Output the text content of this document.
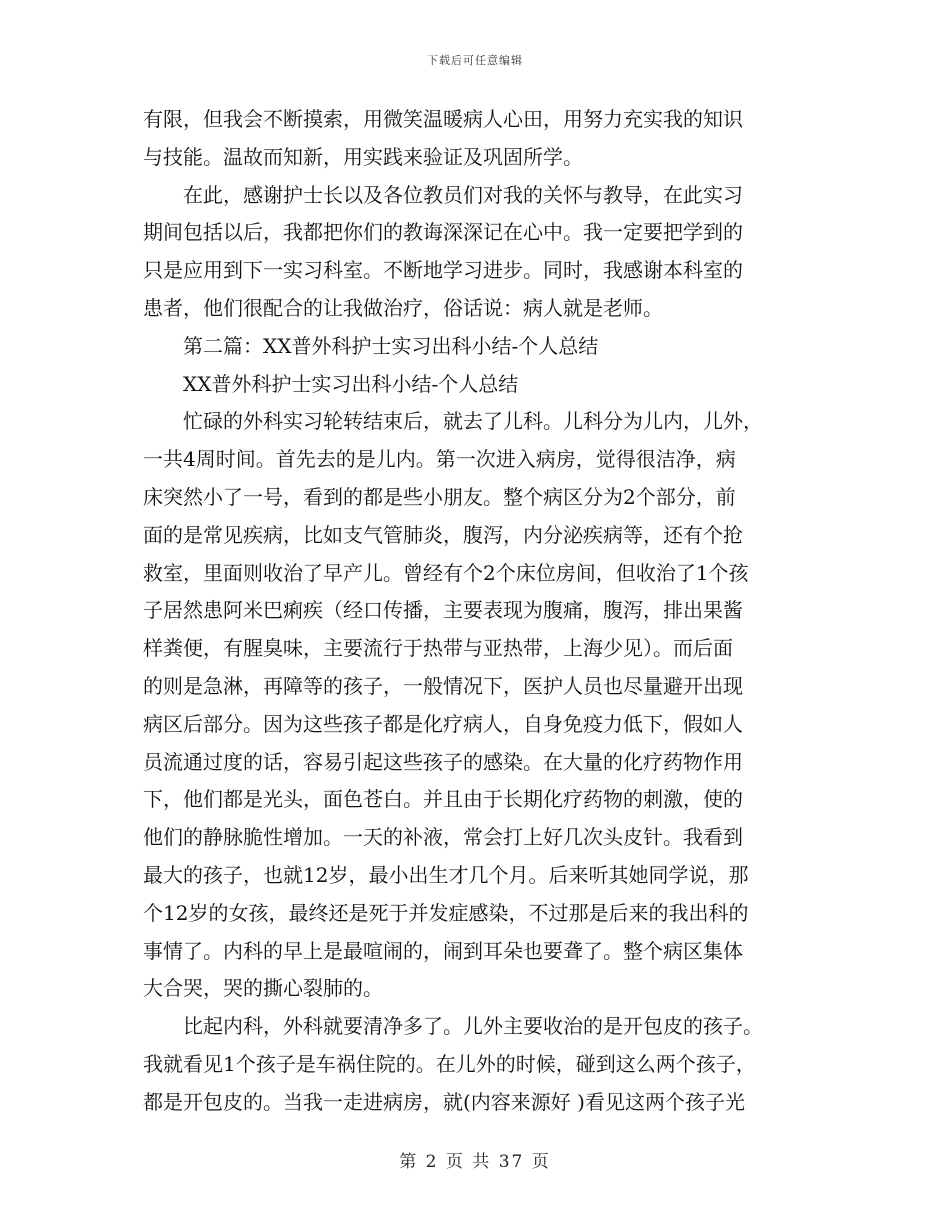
下载后可任意编辑

有限，但我会不断摸索，用微笑温暖病人心田，用努力充实我的知识

与技能。温故而知新，用实践来验证及巩固所学。

　　在此，感谢护士长以及各位教员们对我的关怀与教导，在此实习

期间包括以后，我都把你们的教诲深深记在心中。我一定要把学到的

只是应用到下一实习科室。不断地学习进步。同时，我感谢本科室的

患者，他们很配合的让我做治疗，俗话说：病人就是老师。

　　第二篇：XX普外科护士实习出科小结-个人总结

　　XX普外科护士实习出科小结-个人总结

　　忙碌的外科实习轮转结束后，就去了儿科。儿科分为儿内，儿外，

一共4周时间。首先去的是儿内。第一次进入病房，觉得很洁净，病

床突然小了一号，看到的都是些小朋友。整个病区分为2个部分，前

面的是常见疾病，比如支气管肺炎，腹泻，内分泌疾病等，还有个抢

救室，里面则收治了早产儿。曾经有个2个床位房间，但收治了1个孩

子居然患阿米巴痢疾（经口传播，主要表现为腹痛，腹泻，排出果酱

样粪便，有腥臭味，主要流行于热带与亚热带，上海少见）。而后面

的则是急淋，再障等的孩子，一般情况下，医护人员也尽量避开出现

病区后部分。因为这些孩子都是化疗病人，自身免疫力低下，假如人

员流通过度的话，容易引起这些孩子的感染。在大量的化疗药物作用

下，他们都是光头，面色苍白。并且由于长期化疗药物的刺激，使的

他们的静脉脆性增加。一天的补液，常会打上好几次头皮针。我看到

最大的孩子，也就12岁，最小出生才几个月。后来听其她同学说，那

个12岁的女孩，最终还是死于并发症感染，不过那是后来的我出科的

事情了。内科的早上是最喧闹的，闹到耳朵也要聋了。整个病区集体

大合哭，哭的撕心裂肺的。

　　比起内科，外科就要清净多了。儿外主要收治的是开包皮的孩子。

我就看见1个孩子是车祸住院的。在儿外的时候，碰到这么两个孩子，

都是开包皮的。当我一走进病房，就(内容来源好 )看见这两个孩子光

第 2 页 共 37 页
